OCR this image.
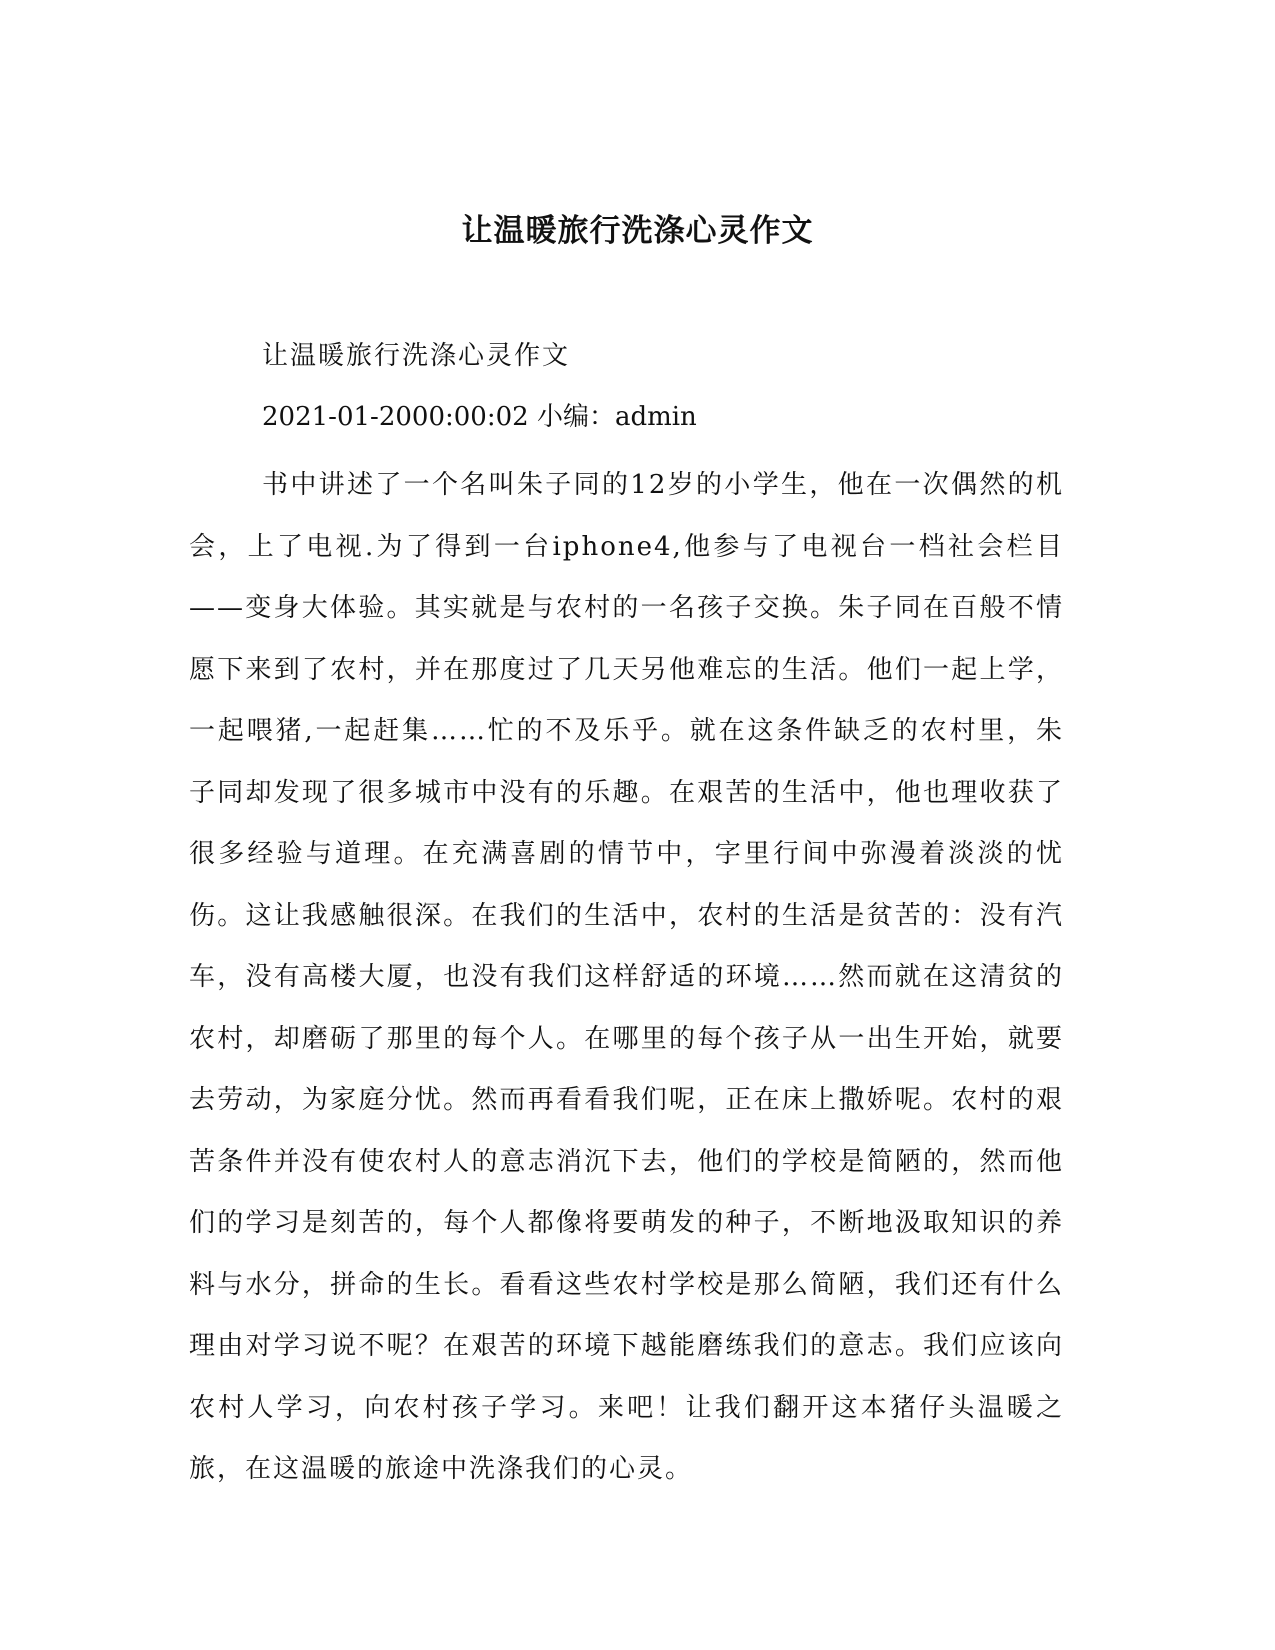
让温暖旅行洗涤心灵作文

让温暖旅行洗涤心灵作文

2021-01-2000:00:02 小编：admin

书中讲述了一个名叫朱子同的12岁的小学生，他在一次偶然的机会，上了电视.为了得到一台iphone4,他参与了电视台一档社会栏目——变身大体验。其实就是与农村的一名孩子交换。朱子同在百般不情愿下来到了农村，并在那度过了几天另他难忘的生活。他们一起上学，一起喂猪,一起赶集……忙的不及乐乎。就在这条件缺乏的农村里，朱子同却发现了很多城市中没有的乐趣。在艰苦的生活中，他也理收获了很多经验与道理。在充满喜剧的情节中，字里行间中弥漫着淡淡的忧伤。这让我感触很深。在我们的生活中，农村的生活是贫苦的：没有汽车，没有高楼大厦，也没有我们这样舒适的环境……然而就在这清贫的农村，却磨砺了那里的每个人。在哪里的每个孩子从一出生开始，就要去劳动，为家庭分忧。然而再看看我们呢，正在床上撒娇呢。农村的艰苦条件并没有使农村人的意志消沉下去，他们的学校是简陋的，然而他们的学习是刻苦的，每个人都像将要萌发的种子，不断地汲取知识的养料与水分，拼命的生长。看看这些农村学校是那么简陋，我们还有什么理由对学习说不呢？在艰苦的环境下越能磨练我们的意志。我们应该向农村人学习，向农村孩子学习。来吧！让我们翻开这本猪仔头温暖之旅，在这温暖的旅途中洗涤我们的心灵。
